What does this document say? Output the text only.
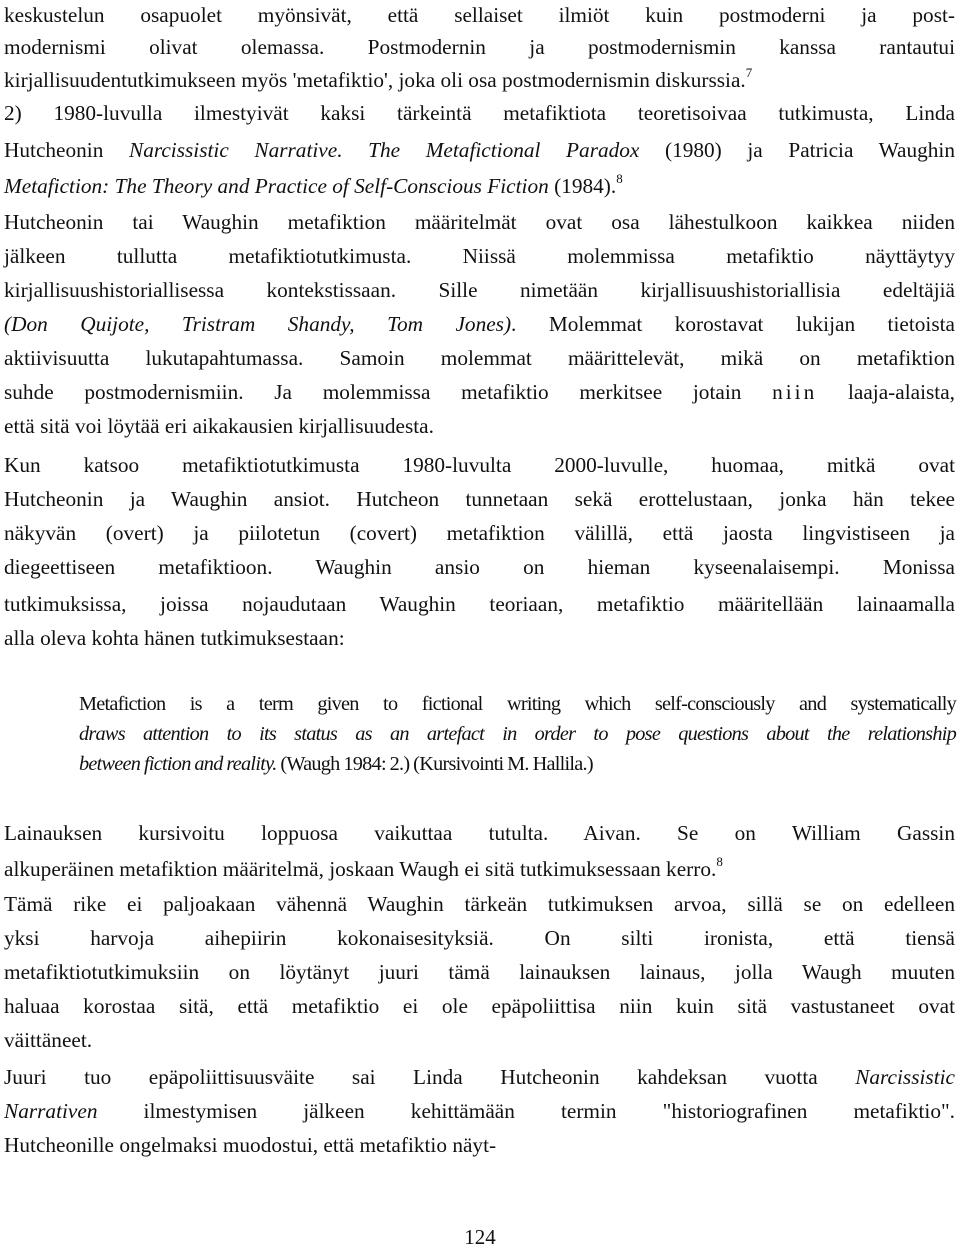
keskustelun osapuolet myönsivät, että sellaiset ilmiöt kuin postmoderni ja post-
modernismi olivat olemassa. Postmodernin ja postmodernismin kanssa rantautui
kirjallisuudentutkimukseen myös 'metafiktio', joka oli osa postmodernismin diskurssia.$^7$
2) 1980-luvulla ilmestyivät kaksi tärkeintä metafiktiota teoretisoivaa tutkimusta, Linda
Hutcheonin Narcissistic Narrative. The Metafictional Paradox (1980) ja Patricia Waughin
Metafiction: The Theory and Practice of Self-Conscious Fiction (1984).$^8$
Hutcheonin tai Waughin metafiktion määritelmät ovat osa lähestulkoon kaikkea niiden
jälkeen tullutta metafiktiotutkimusta. Niissä molemmissa metafiktio näyttäytyy
kirjallisuushistoriallisessa kontekstissaan. Sille nimetään kirjallisuushistoriallisia edeltäjiä
(Don Quijote, Tristram Shandy, Tom Jones). Molemmat korostavat lukijan tietoista
aktiivisuutta lukutapahtumassa. Samoin molemmat määrittelevät, mikä on metafiktion
suhde postmodernismiin. Ja molemmissa metafiktio merkitsee jotain niin laaja-alaista,
että sitä voi löytää eri aikakausien kirjallisuudesta.
Kun katsoo metafiktiotutkimusta 1980-luvulta 2000-luvulle, huomaa, mitkä ovat
Hutcheonin ja Waughin ansiot. Hutcheon tunnetaan sekä erottelustaan, jonka hän tekee
näkyvän (overt) ja piilotetun (covert) metafiktion välillä, että jaosta lingvistiseen ja
diegeettiseen metafiktioon. Waughin ansio on hieman kyseenalaisempi. Monissa
tutkimuksissa, joissa nojaudutaan Waughin teoriaan, metafiktio määritellään lainaamalla
alla oleva kohta hänen tutkimuksestaan:
Metafiction is a term given to fictional writing which self-consciously and systematically
draws attention to its status as an artefact in order to pose questions about the relationship
between fiction and reality. (Waugh 1984: 2.) (Kursivointi M. Hallila.)
Lainauksen kursivoitu loppuosa vaikuttaa tutulta. Aivan. Se on William Gassin
alkuperäinen metafiktion määritelmä, joskaan Waugh ei sitä tutkimuksessaan kerro.$^8$
Tämä rike ei paljoakaan vähennä Waughin tärkeän tutkimuksen arvoa, sillä se on edelleen
yksi harvoja aihepiirin kokonaisesityksiä. On silti ironista, että tiensä
metafiktiotutkimuksiin on löytänyt juuri tämä lainauksen lainaus, jolla Waugh muuten
haluaa korostaa sitä, että metafiktio ei ole epäpoliittisa niin kuin sitä vastustaneet ovat
väittäneet.
Juuri tuo epäpoliittisuusväite sai Linda Hutcheonin kahdeksan vuotta Narcissistic
Narrativen ilmestymisen jälkeen kehittämään termin "historiografinen metafiktio".
Hutcheonille ongelmaksi muodostui, että metafiktio näyt-
124
